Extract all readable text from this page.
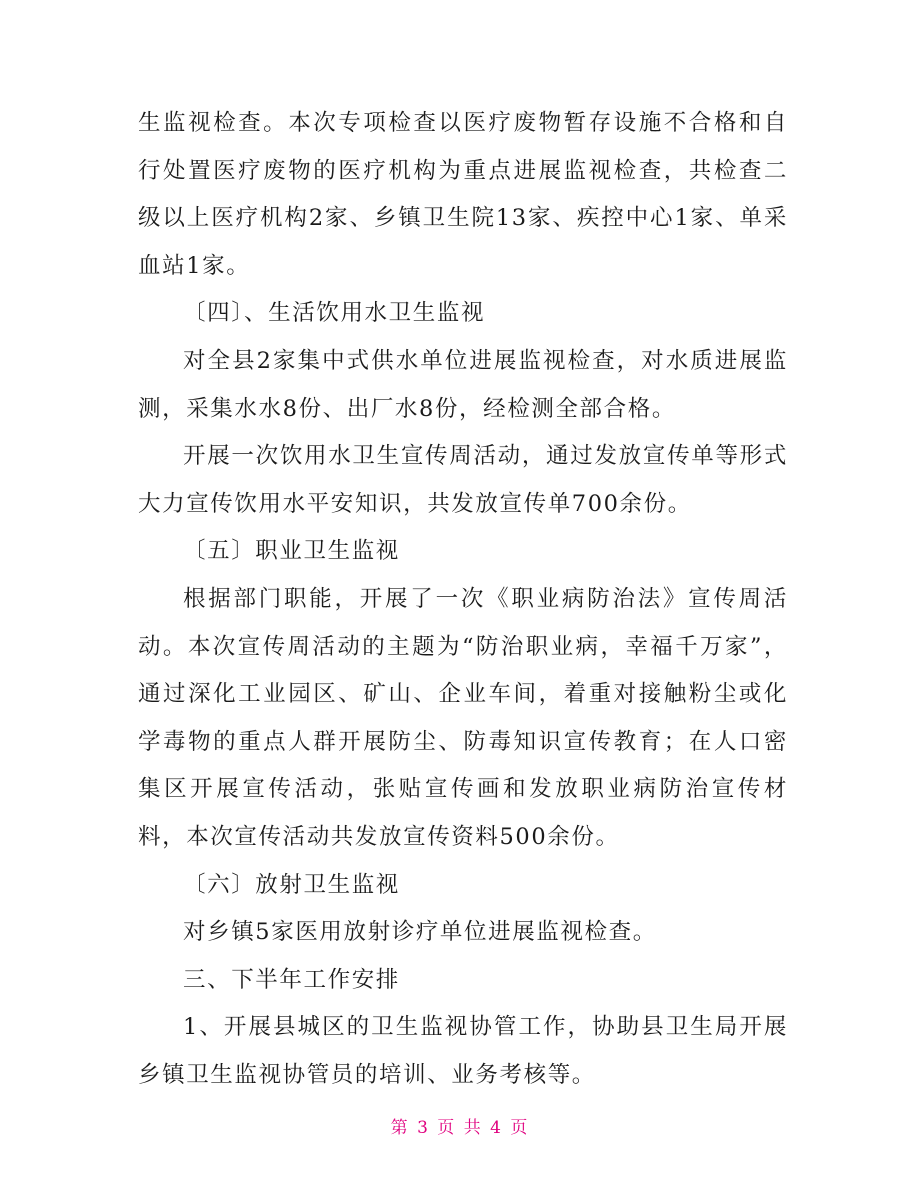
生监视检查。本次专项检查以医疗废物暂存设施不合格和自行处置医疗废物的医疗机构为重点进展监视检查，共检查二级以上医疗机构2家、乡镇卫生院13家、疾控中心1家、单采血站1家。

〔四〕、生活饮用水卫生监视

对全县2家集中式供水单位进展监视检查，对水质进展监测，采集水水8份、出厂水8份，经检测全部合格。

开展一次饮用水卫生宣传周活动，通过发放宣传单等形式大力宣传饮用水平安知识，共发放宣传单700余份。

〔五〕职业卫生监视

根据部门职能，开展了一次《职业病防治法》宣传周活动。本次宣传周活动的主题为“防治职业病，幸福千万家”，通过深化工业园区、矿山、企业车间，着重对接触粉尘或化学毒物的重点人群开展防尘、防毒知识宣传教育；在人口密集区开展宣传活动，张贴宣传画和发放职业病防治宣传材料，本次宣传活动共发放宣传资料500余份。

〔六〕放射卫生监视

对乡镇5家医用放射诊疗单位进展监视检查。

三、下半年工作安排

1、开展县城区的卫生监视协管工作，协助县卫生局开展乡镇卫生监视协管员的培训、业务考核等。

第 3 页 共 4 页
